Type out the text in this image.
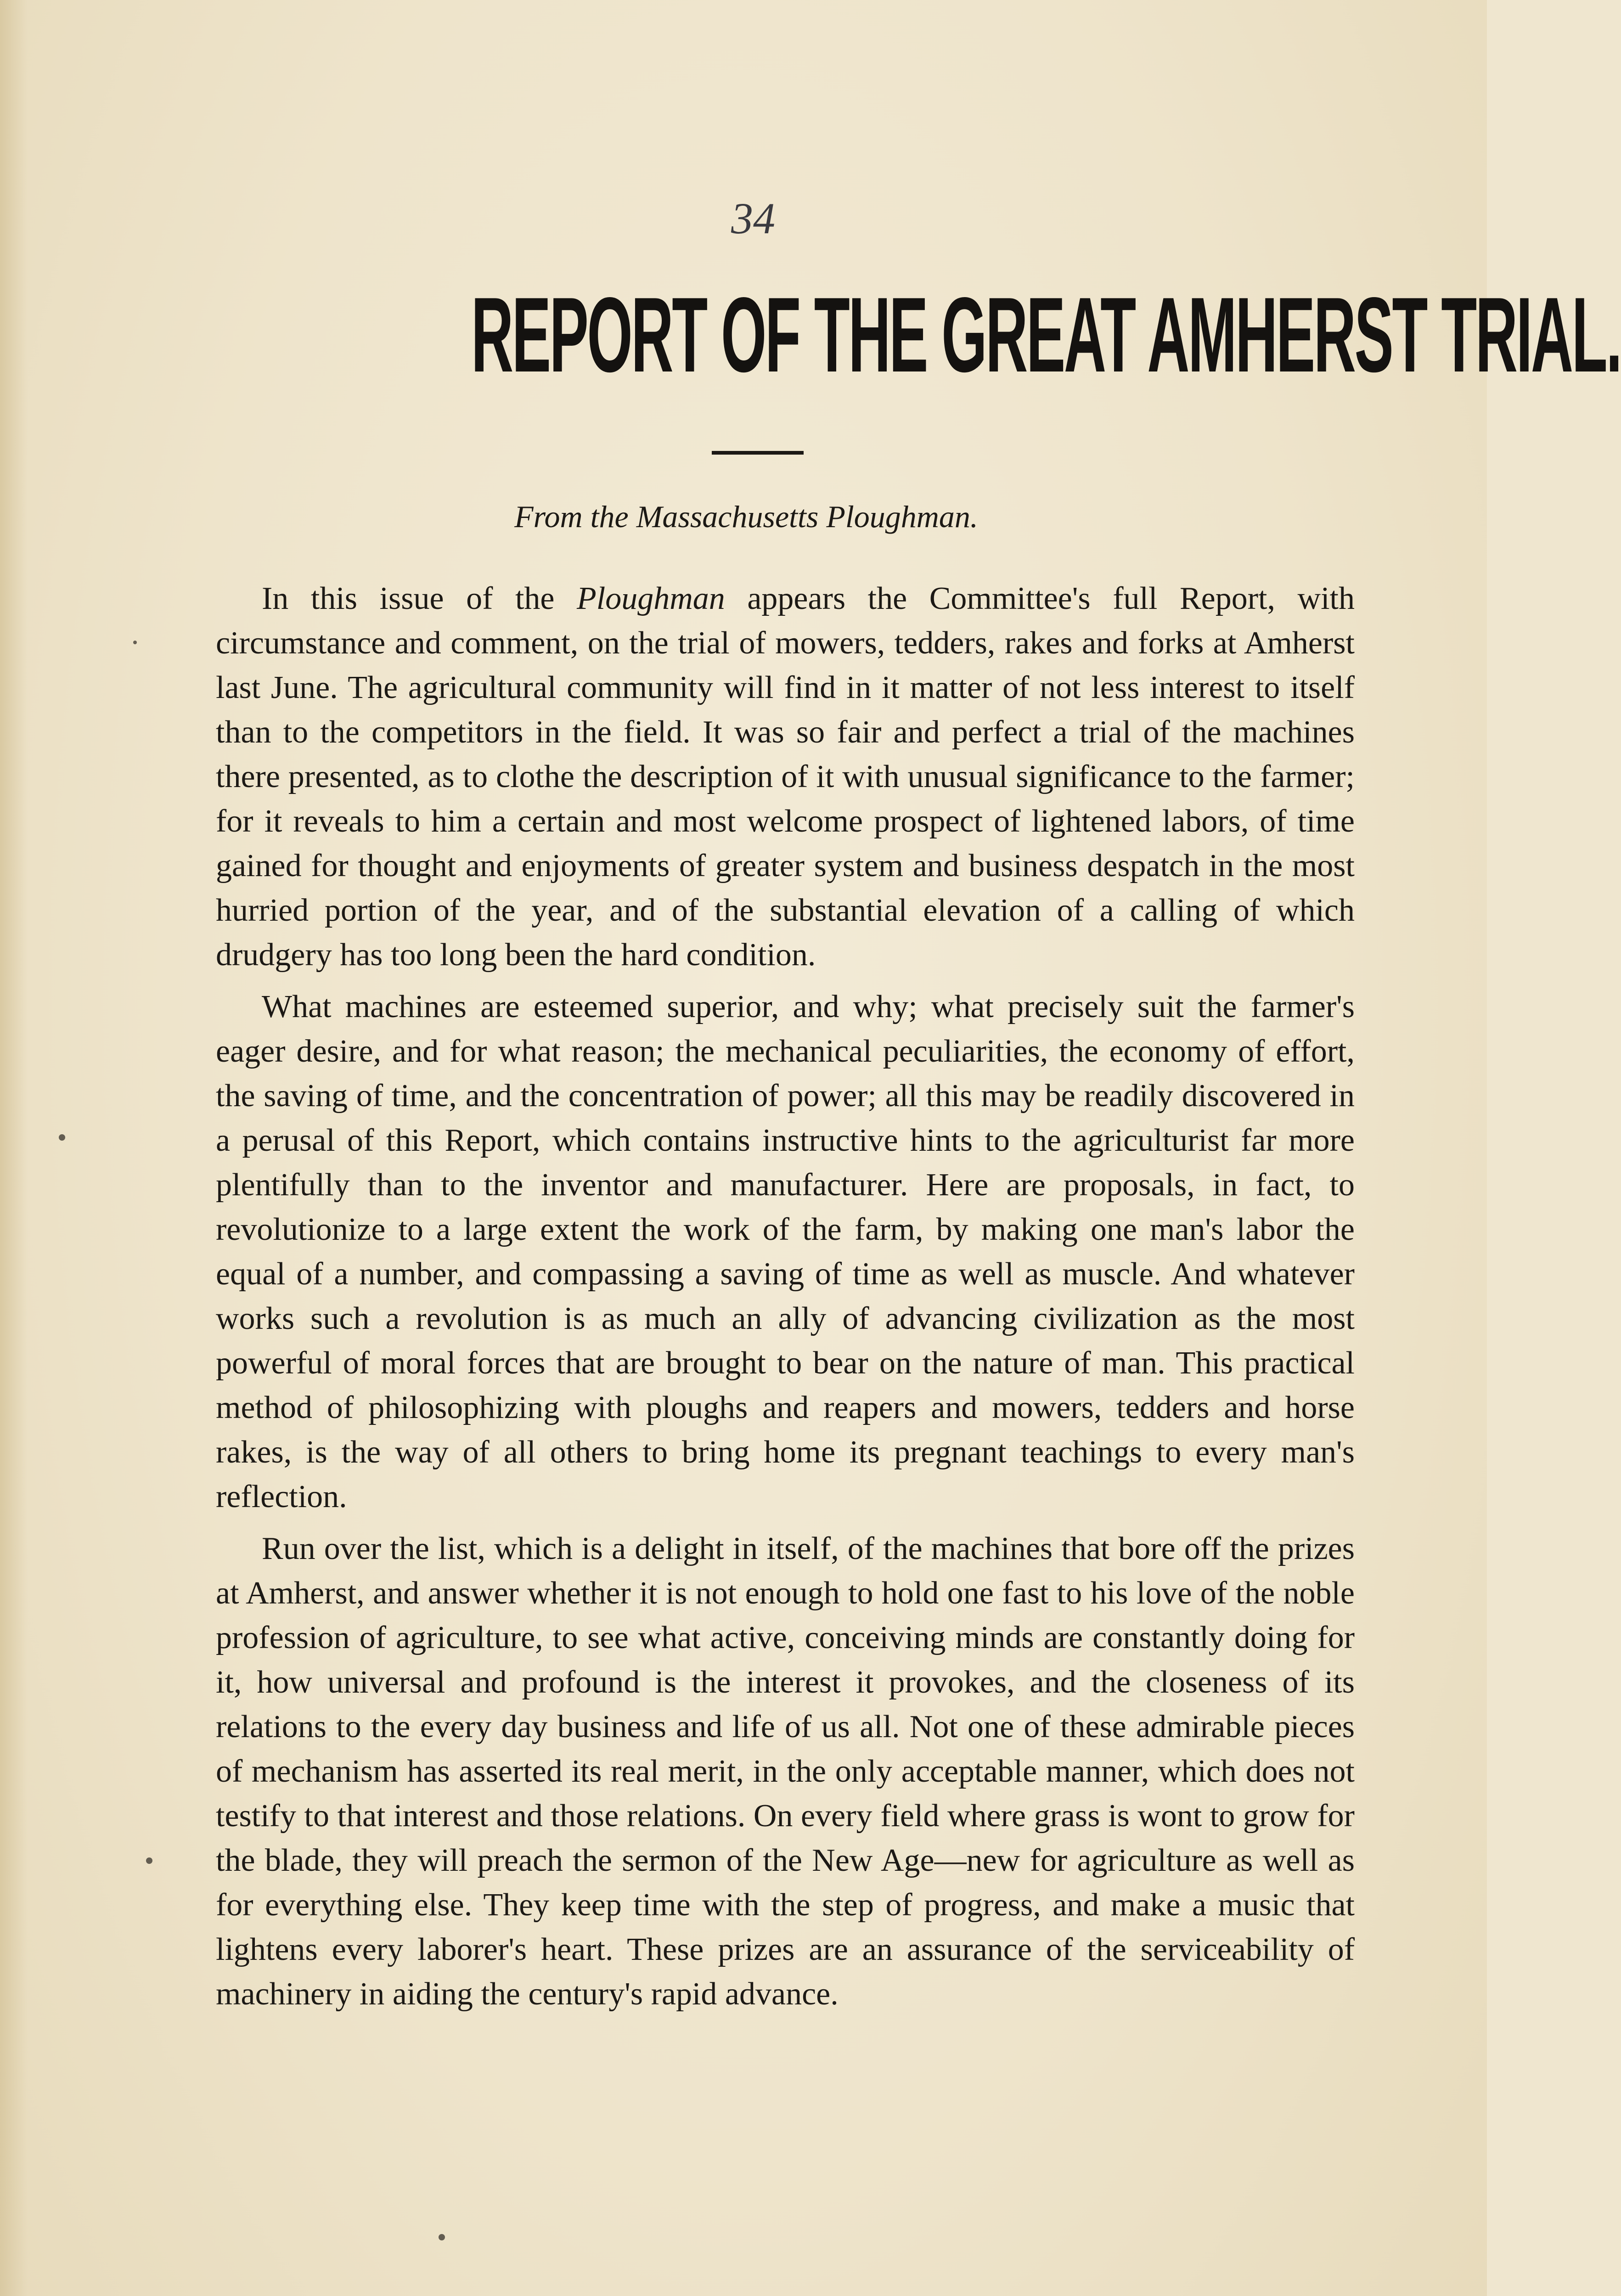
34
REPORT OF THE GREAT AMHERST TRIAL.
From the Massachusetts Ploughman.

In this issue of the Ploughman appears the Committee's full Report, with circumstance and comment, on the trial of mowers, tedders, rakes and forks at Amherst last June. The agricultural community will find in it matter of not less interest to itself than to the competitors in the field. It was so fair and perfect a trial of the machines there presented, as to clothe the description of it with unusual significance to the farmer; for it reveals to him a certain and most welcome prospect of lightened labors, of time gained for thought and enjoyments of greater system and business despatch in the most hurried portion of the year, and of the substantial elevation of a calling of which drudgery has too long been the hard condition.

What machines are esteemed superior, and why; what precisely suit the farmer's eager desire, and for what reason; the mechanical peculiarities, the economy of effort, the saving of time, and the concentration of power; all this may be readily discovered in a perusal of this Report, which contains instructive hints to the agriculturist far more plentifully than to the inventor and manufacturer. Here are proposals, in fact, to revolutionize to a large extent the work of the farm, by making one man's labor the equal of a number, and compassing a saving of time as well as muscle. And whatever works such a revolution is as much an ally of advancing civilization as the most powerful of moral forces that are brought to bear on the nature of man. This practical method of philosophizing with ploughs and reapers and mowers, tedders and horse rakes, is the way of all others to bring home its pregnant teachings to every man's reflection.

Run over the list, which is a delight in itself, of the machines that bore off the prizes at Amherst, and answer whether it is not enough to hold one fast to his love of the noble profession of agriculture, to see what active, conceiving minds are constantly doing for it, how universal and profound is the interest it provokes, and the closeness of its relations to the every day business and life of us all. Not one of these admirable pieces of mechanism has asserted its real merit, in the only acceptable manner, which does not testify to that interest and those relations. On every field where grass is wont to grow for the blade, they will preach the sermon of the New Age—new for agriculture as well as for everything else. They keep time with the step of progress, and make a music that lightens every laborer's heart. These prizes are an assurance of the serviceability of machinery in aiding the century's rapid advance.
